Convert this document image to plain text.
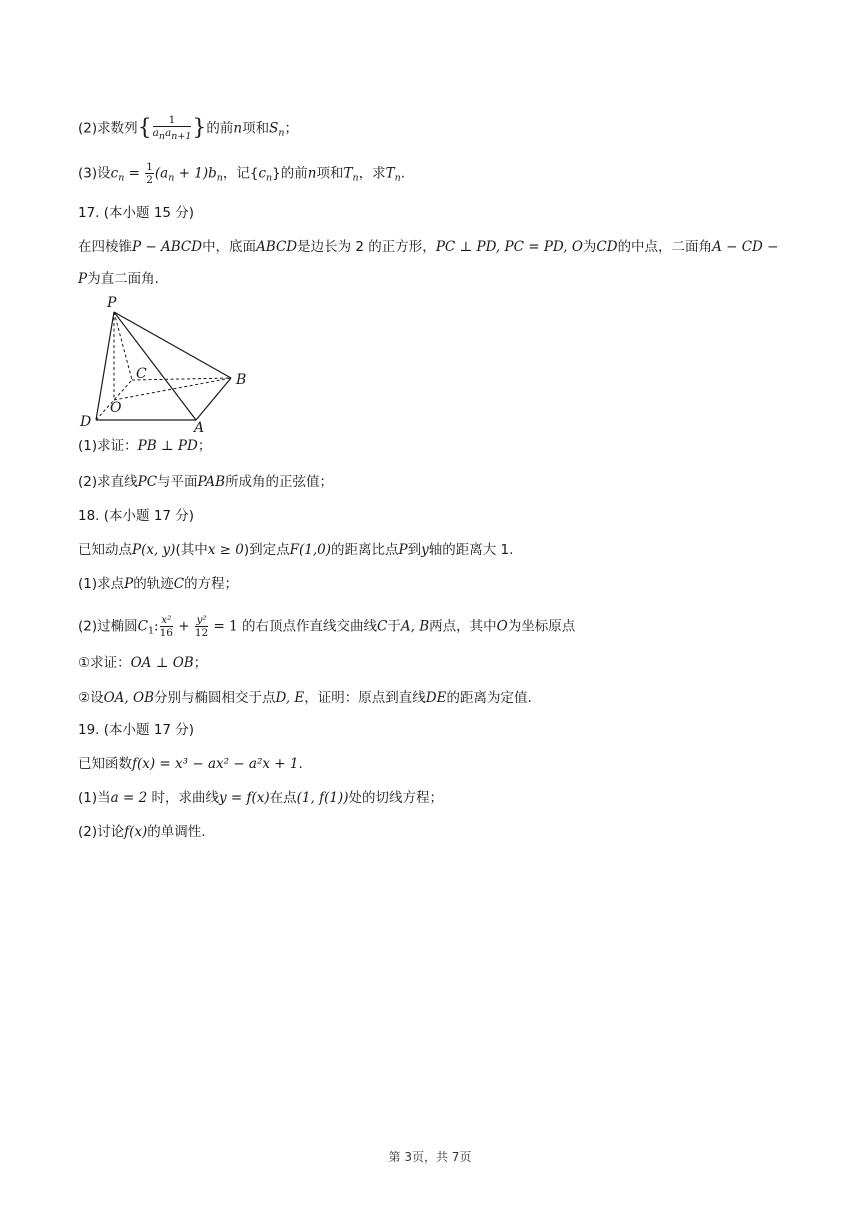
(2)求数列{ $\frac{1}{\text{anan+1}}$ }的前n项和$S_n$；
(3)设$c_n = \frac{1}{2} (a_n + 1)b_n$，记$\{c_n\}$的前n项和$T_n$，求$T_n$.
17. (本小题 15 分)
在四棱锥P − ABCD中，底面ABCD是边长为 2 的正方形，PC ⊥ PD, PC = PD, O为CD的中点，二面角A − CD −
P为直二面角.
P
C	B
O
D	A
(1)求证：PB ⊥ PD；
(2)求直线PC与平面PAB所成角的正弦值；
18. (本小题 17 分)
已知动点P(x, y)(其中x ≥ 0)到定点F(1,0)的距离比点P到y轴的距离大 1.
(1)求点P的轨迹C的方程；
(2)过椭圆$C_1$: $\frac{\text{x²}}{16} + \frac{\text{y²}}{12} = 1$ 的右顶点作直线交曲线C于A, B两点，其中O为坐标原点
①求证：OA ⊥ OB；
②设OA, OB分别与椭圆相交于点D, E，证明：原点到直线DE的距离为定值.
19. (本小题 17 分)
已知函数f(x) = x³ − ax² − a²x + 1.
(1)当a = 2 时，求曲线y = f(x)在点(1, f(1))处的切线方程；
(2)讨论f(x)的单调性.
第 3页，共 7页
